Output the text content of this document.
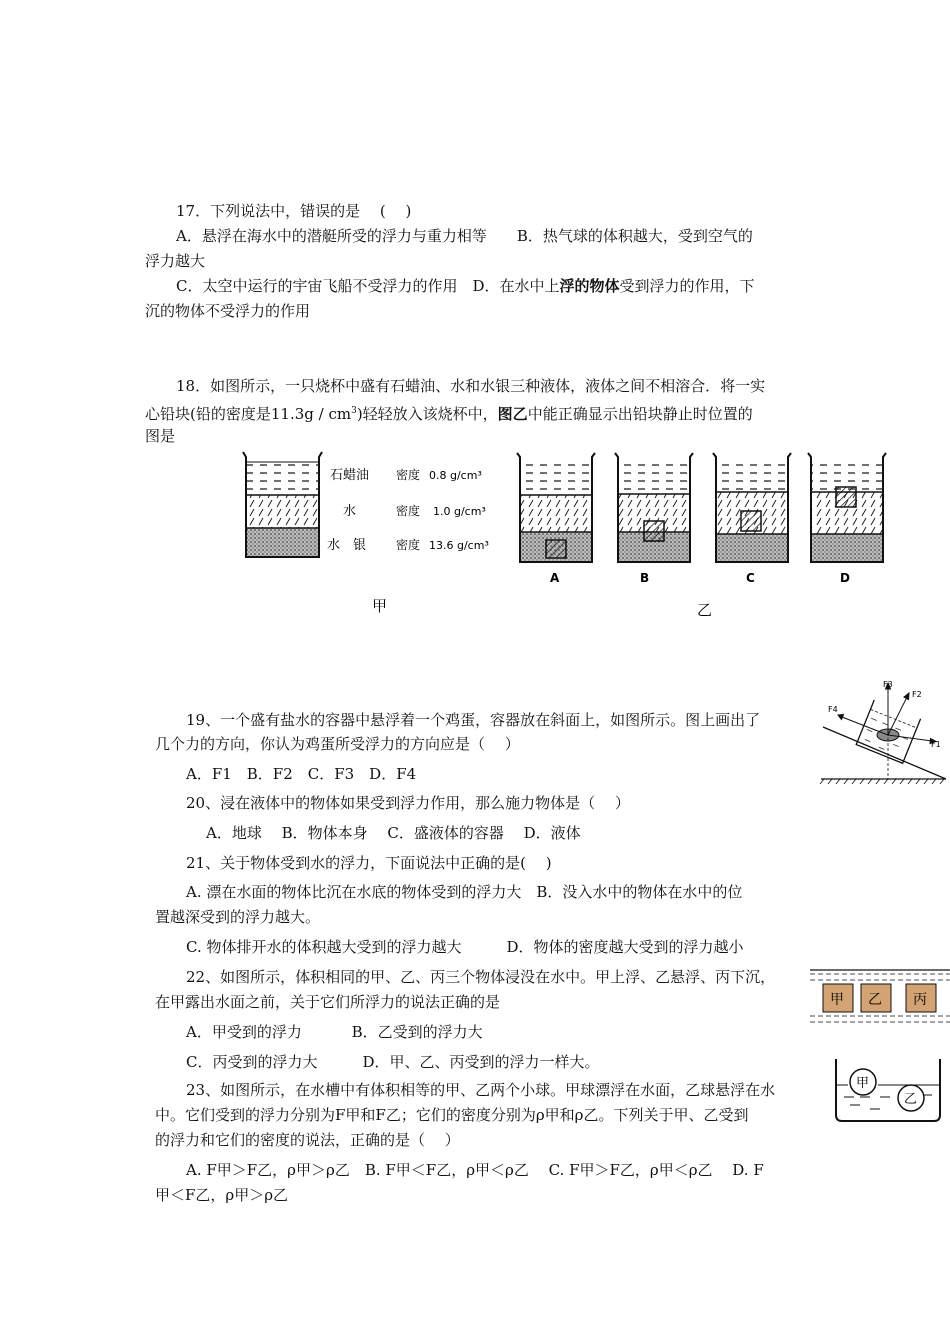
17．下列说法中，错误的是　 (　 )
A．悬浮在海水中的潜艇所受的浮力与重力相等　　B．热气球的体积越大，受到空气的
浮力越大
C．太空中运行的宇宙飞船不受浮力的作用　D．在水中上浮的物体受到浮力的作用，下
沉的物体不受浮力的作用
18．如图所示，一只烧杯中盛有石蜡油、水和水银三种液体，液体之间不相溶合．将一实
心铅块(铅的密度是$11.3g / cm^3$)轻轻放入该烧杯中，图乙中能正确显示出铅块静止时位置的
图是
石蜡油 密度 0.8 g/cm³
水	密度 1.0 g/cm³
水　银 密度 13.6 g/cm³
A	B	C	D
甲	乙
19、一个盛有盐水的容器中悬浮着一个鸡蛋，容器放在斜面上，如图所示。图上画出了
几个力的方向，你认为鸡蛋所受浮力的方向应是（　 ）
A．F1　B．F2　C．F3　D．F4
F3
F2
F4
F1
20、浸在液体中的物体如果受到浮力作用，那么施力物体是（　 ）
A．地球　 B．物体本身　 C．盛液体的容器　 D．液体
21、关于物体受到水的浮力，下面说法中正确的是(　 )
A. 漂在水面的物体比沉在水底的物体受到的浮力大　B．没入水中的物体在水中的位
置越深受到的浮力越大。
C. 物体排开水的体积越大受到的浮力越大　　　D．物体的密度越大受到的浮力越小
22、如图所示，体积相同的甲、乙、丙三个物体浸没在水中。甲上浮、乙悬浮、丙下沉，
在甲露出水面之前，关于它们所浮力的说法正确的是
A．甲受到的浮力　　　 B．乙受到的浮力大
C．丙受到的浮力大　　　D．甲、乙、丙受到的浮力一样大。
甲 乙 丙
23、如图所示，在水槽中有体积相等的甲、乙两个小球。甲球漂浮在水面，乙球悬浮在水
中。它们受到的浮力分别为F甲和F乙；它们的密度分别为ρ甲和ρ乙。下列关于甲、乙受到
的浮力和它们的密度的说法，正确的是（　 ）
A. F甲＞F乙，ρ甲＞ρ乙　B. F甲＜F乙，ρ甲＜ρ乙　 C. F甲＞F乙，ρ甲＜ρ乙　 D. F
甲＜F乙，ρ甲＞ρ乙
甲
乙
